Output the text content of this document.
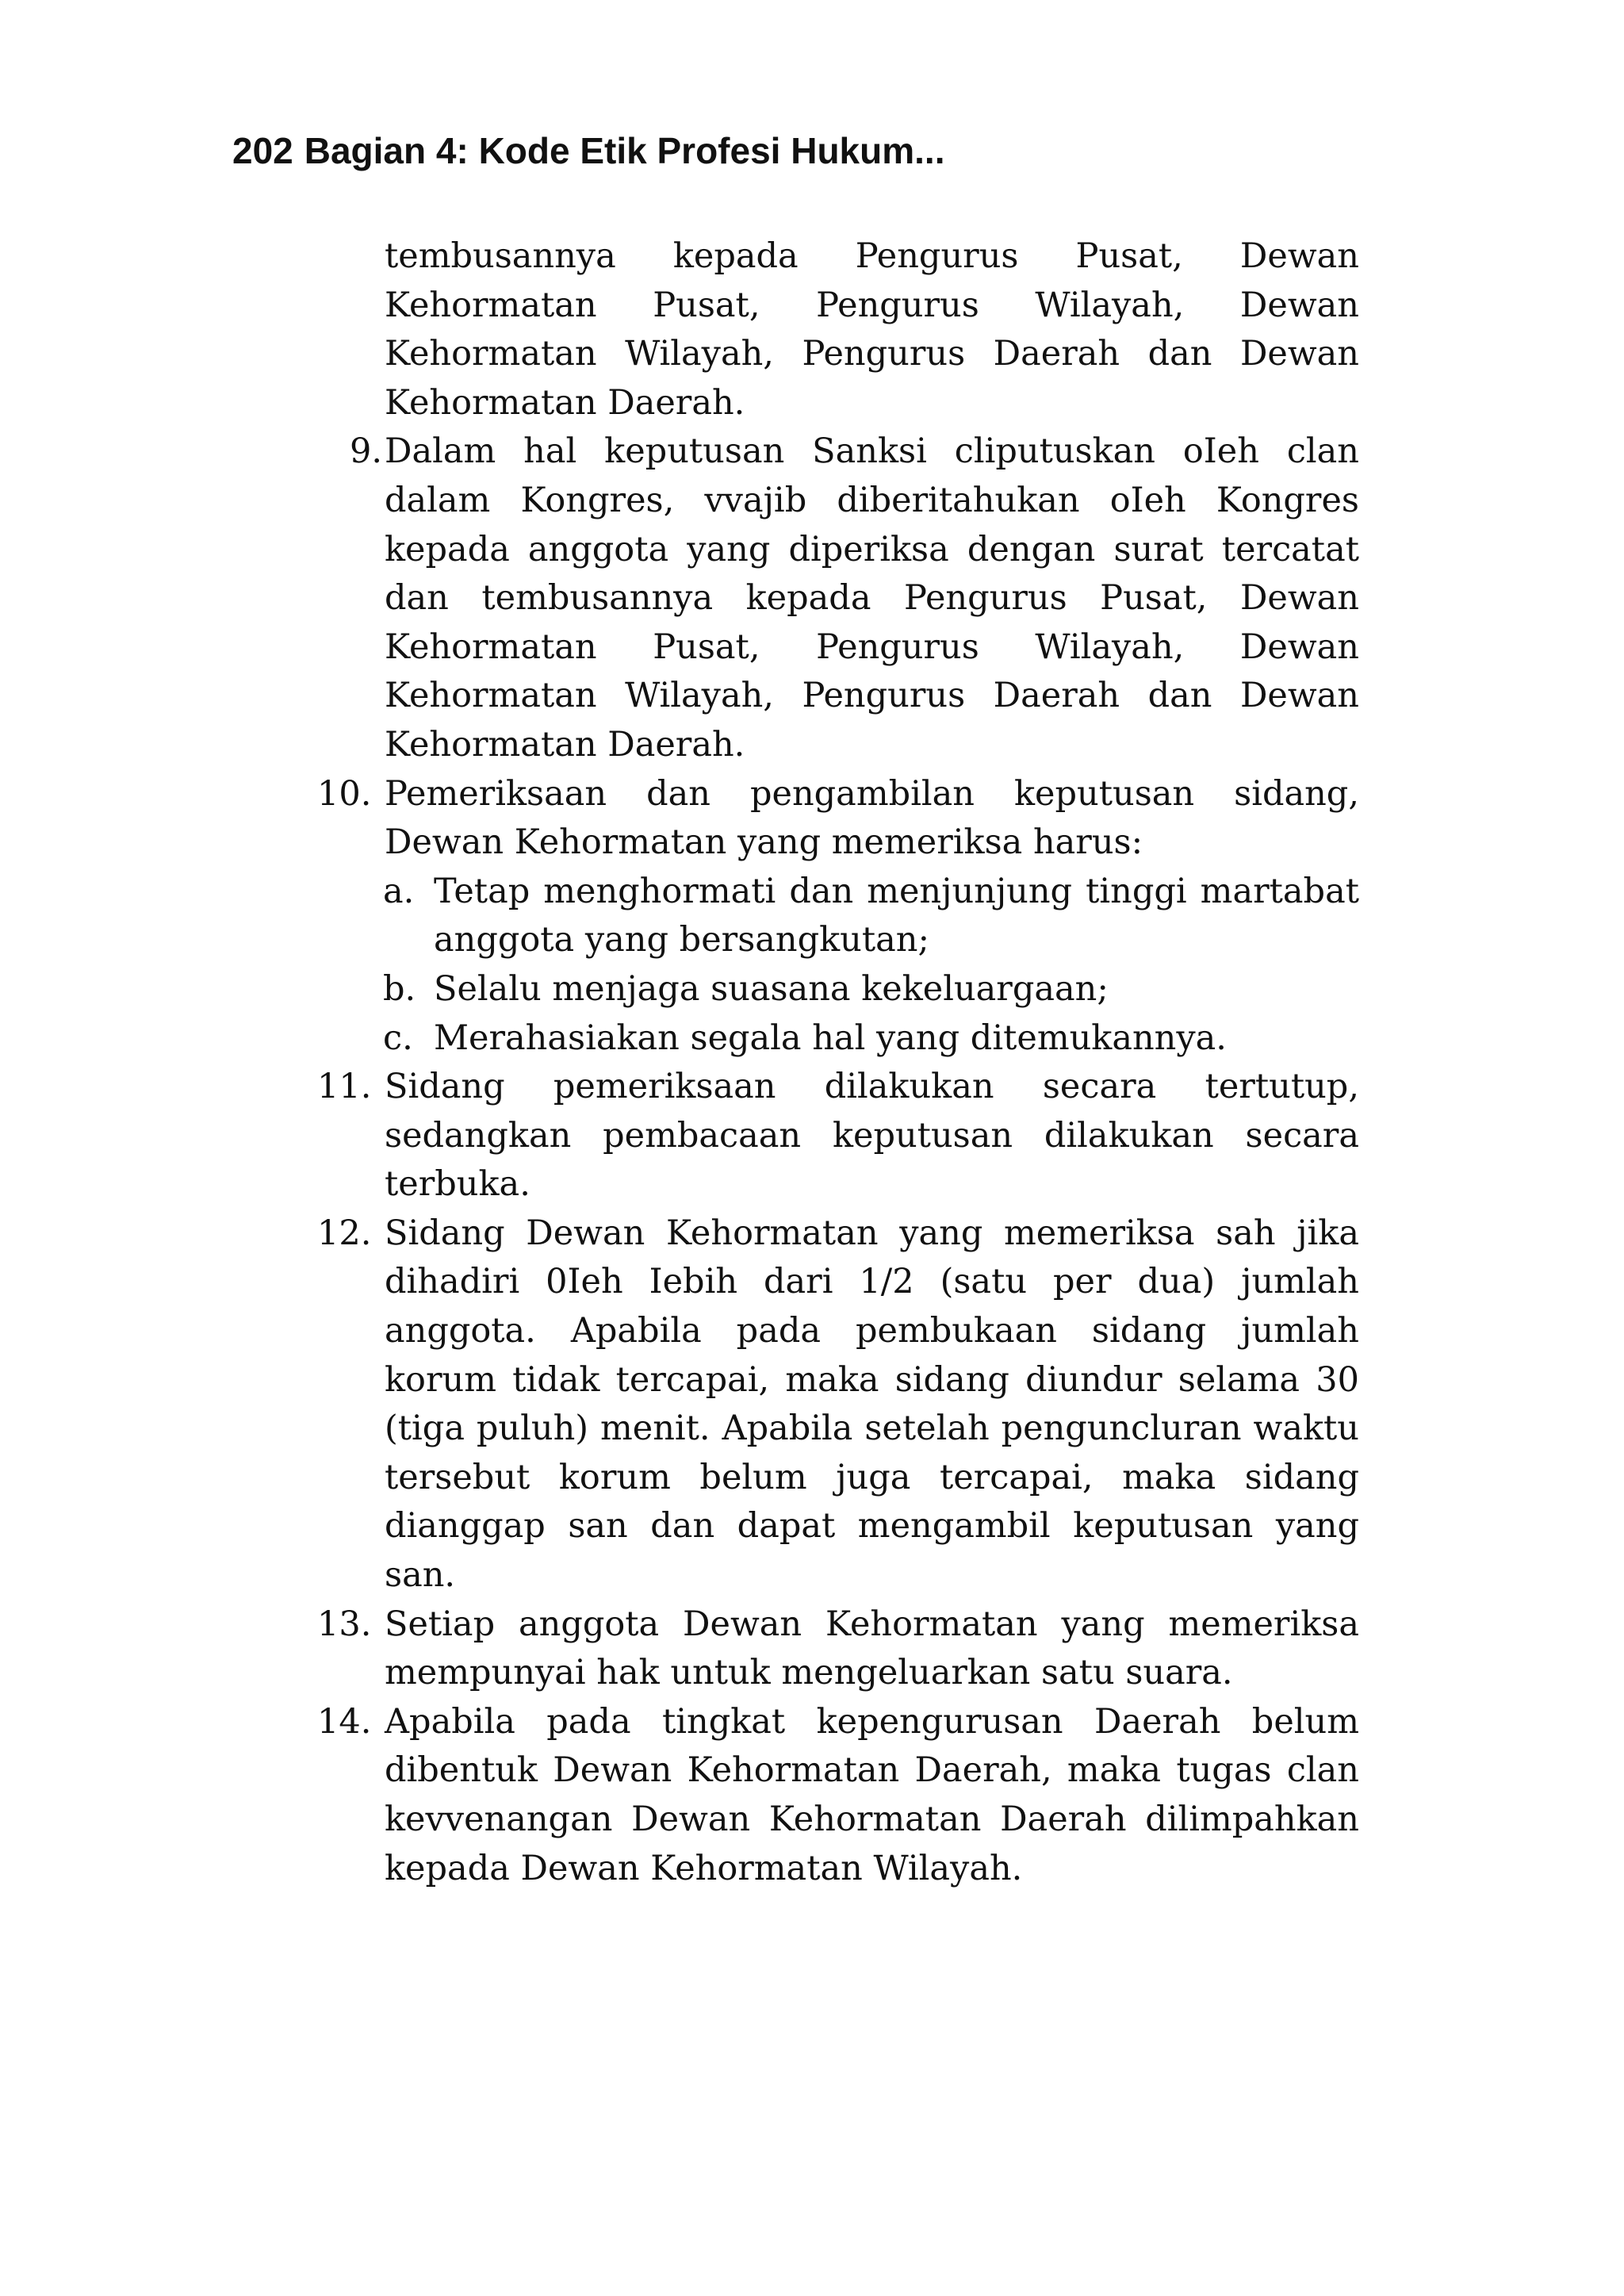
202 Bagian 4: Kode Etik Profesi Hukum...

tembusannya kepada Pengurus Pusat, Dewan Kehormatan Pusat, Pengurus Wilayah, Dewan Kehormatan Wilayah, Pengurus Daerah dan Dewan Kehormatan Daerah.

9. Dalam hal keputusan Sanksi cliputuskan oIeh clan dalam Kongres, vvajib diberitahukan oIeh Kongres kepada anggota yang diperiksa dengan surat tercatat dan tembusannya kepada Pengurus Pusat, Dewan Kehormatan Pusat, Pengurus Wilayah, Dewan Kehormatan Wilayah, Pengurus Daerah dan Dewan Kehormatan Daerah.

10. Pemeriksaan dan pengambilan keputusan sidang, Dewan Kehormatan yang memeriksa harus:

a. Tetap menghormati dan menjunjung tinggi martabat anggota yang bersangkutan;

b. Selalu menjaga suasana kekeluargaan;

c. Merahasiakan segala hal yang ditemukannya.

11. Sidang pemeriksaan dilakukan secara tertutup, sedangkan pembacaan keputusan dilakukan secara terbuka.

12. Sidang Dewan Kehormatan yang memeriksa sah jika dihadiri 0Ieh Iebih dari 1/2 (satu per dua) jumlah anggota. Apabila pada pembukaan sidang jumlah korum tidak tercapai, maka sidang diundur selama 30 (tiga puluh) menit. Apabila setelah penguncluran waktu tersebut korum belum juga tercapai, maka sidang dianggap san dan dapat mengambil keputusan yang san.

13. Setiap anggota Dewan Kehormatan yang memeriksa mempunyai hak untuk mengeluarkan satu suara.

14. Apabila pada tingkat kepengurusan Daerah belum dibentuk Dewan Kehormatan Daerah, maka tugas clan kevvenangan Dewan Kehormatan Daerah dilimpahkan kepada Dewan Kehormatan Wilayah.
